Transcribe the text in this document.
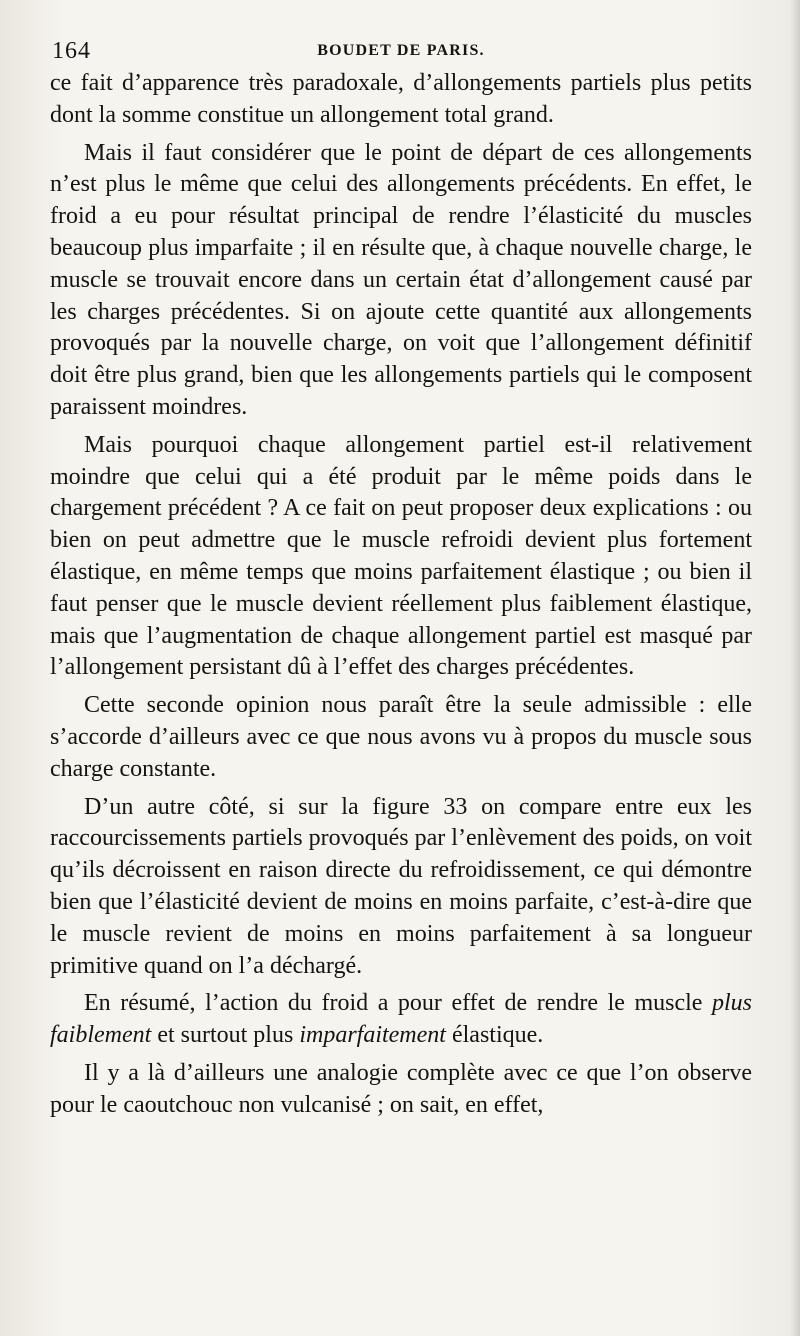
164	BOUDET DE PARIS.

ce fait d’apparence très paradoxale, d’allongements partiels plus petits dont la somme constitue un allongement total grand.

Mais il faut considérer que le point de départ de ces allongements n’est plus le même que celui des allongements précédents. En effet, le froid a eu pour résultat principal de rendre l’élasticité du muscles beaucoup plus imparfaite ; il en résulte que, à chaque nouvelle charge, le muscle se trouvait encore dans un certain état d’allongement causé par les charges précédentes. Si on ajoute cette quantité aux allongements provoqués par la nouvelle charge, on voit que l’allongement définitif doit être plus grand, bien que les allongements partiels qui le composent paraissent moindres.

Mais pourquoi chaque allongement partiel est-il relativement moindre que celui qui a été produit par le même poids dans le chargement précédent ? A ce fait on peut proposer deux explications : ou bien on peut admettre que le muscle refroidi devient plus fortement élastique, en même temps que moins parfaitement élastique ; ou bien il faut penser que le muscle devient réellement plus faiblement élastique, mais que l’augmentation de chaque allongement partiel est masqué par l’allongement persistant dû à l’effet des charges précédentes.

Cette seconde opinion nous paraît être la seule admissible : elle s’accorde d’ailleurs avec ce que nous avons vu à propos du muscle sous charge constante.

D’un autre côté, si sur la figure 33 on compare entre eux les raccourcissements partiels provoqués par l’enlèvement des poids, on voit qu’ils décroissent en raison directe du refroidissement, ce qui démontre bien que l’élasticité devient de moins en moins parfaite, c’est-à-dire que le muscle revient de moins en moins parfaitement à sa longueur primitive quand on l’a déchargé.

En résumé, l’action du froid a pour effet de rendre le muscle plus faiblement et surtout plus imparfaitement élastique.

Il y a là d’ailleurs une analogie complète avec ce que l’on observe pour le caoutchouc non vulcanisé ; on sait, en effet,
